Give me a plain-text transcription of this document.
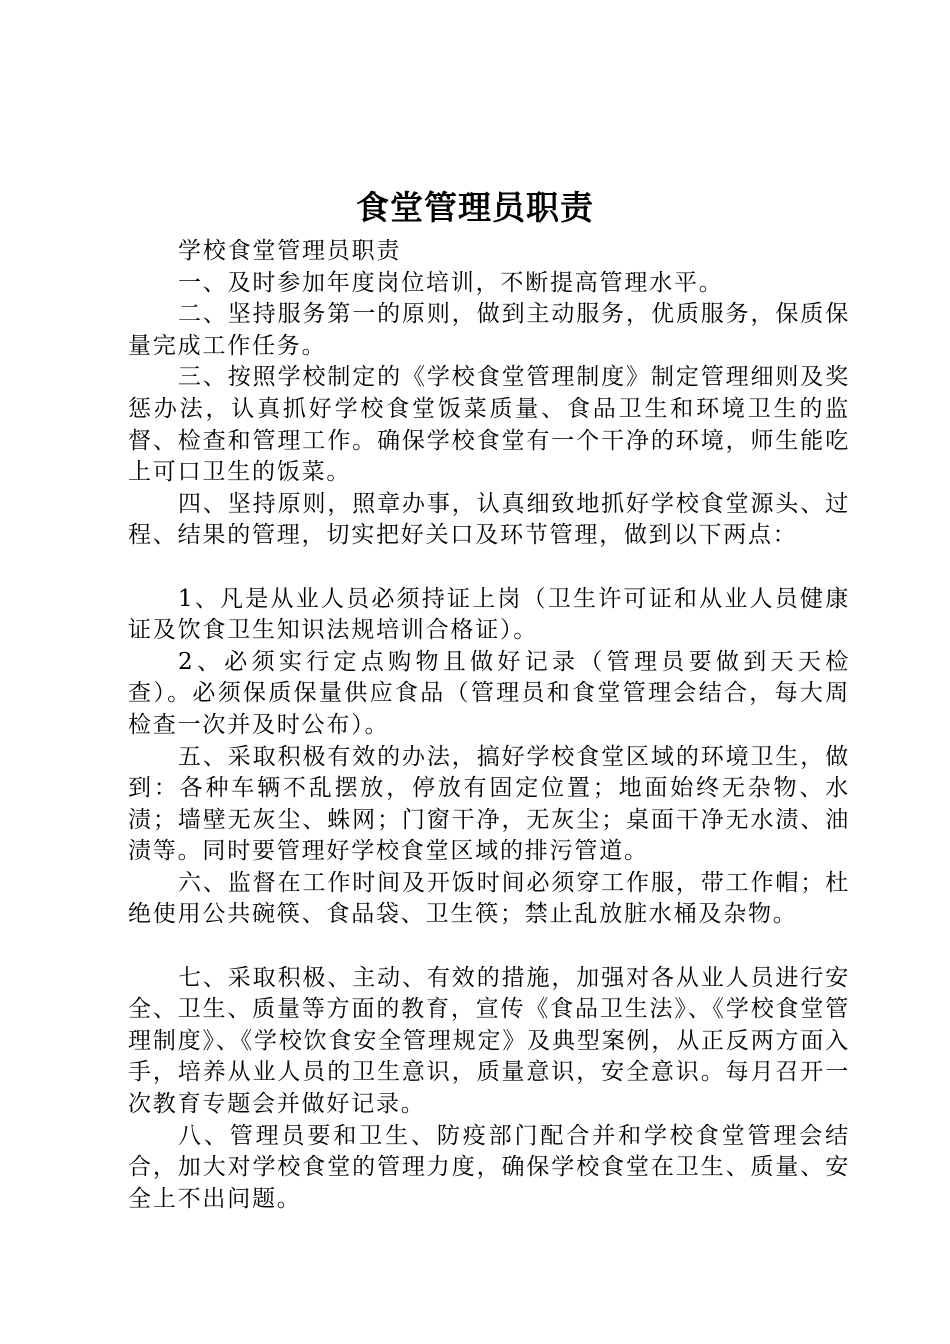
食堂管理员职责

学校食堂管理员职责

一、及时参加年度岗位培训，不断提高管理水平。

二、坚持服务第一的原则，做到主动服务，优质服务，保质保量完成工作任务。

三、按照学校制定的《学校食堂管理制度》制定管理细则及奖惩办法，认真抓好学校食堂饭菜质量、食品卫生和环境卫生的监督、检查和管理工作。确保学校食堂有一个干净的环境，师生能吃上可口卫生的饭菜。

四、坚持原则，照章办事，认真细致地抓好学校食堂源头、过程、结果的管理，切实把好关口及环节管理，做到以下两点：

1、凡是从业人员必须持证上岗（卫生许可证和从业人员健康证及饮食卫生知识法规培训合格证）。

2、必须实行定点购物且做好记录（管理员要做到天天检查）。必须保质保量供应食品（管理员和食堂管理会结合，每大周检查一次并及时公布）。

五、采取积极有效的办法，搞好学校食堂区域的环境卫生，做到：各种车辆不乱摆放，停放有固定位置；地面始终无杂物、水渍；墙壁无灰尘、蛛网；门窗干净，无灰尘；桌面干净无水渍、油渍等。同时要管理好学校食堂区域的排污管道。

六、监督在工作时间及开饭时间必须穿工作服，带工作帽；杜绝使用公共碗筷、食品袋、卫生筷；禁止乱放脏水桶及杂物。

七、采取积极、主动、有效的措施，加强对各从业人员进行安全、卫生、质量等方面的教育，宣传《食品卫生法》、《学校食堂管理制度》、《学校饮食安全管理规定》及典型案例，从正反两方面入手，培养从业人员的卫生意识，质量意识，安全意识。每月召开一次教育专题会并做好记录。

八、管理员要和卫生、防疫部门配合并和学校食堂管理会结合，加大对学校食堂的管理力度，确保学校食堂在卫生、质量、安全上不出问题。
